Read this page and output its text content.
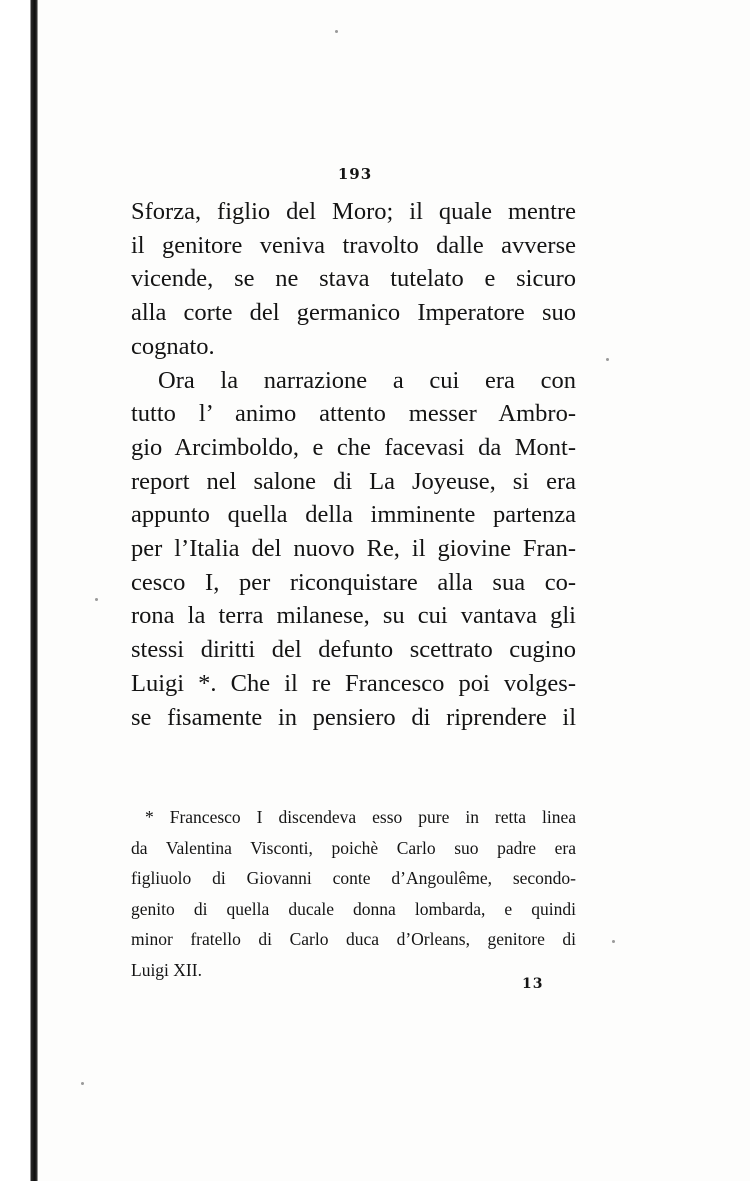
193
Sforza, figlio del Moro; il quale mentre
il genitore veniva travolto dalle avverse
vicende, se ne stava tutelato e sicuro
alla corte del germanico Imperatore suo
cognato.
Ora la narrazione a cui era con
tutto l’ animo attento messer Ambro-
gio Arcimboldo, e che facevasi da Mont-
report nel salone di La Joyeuse, si era
appunto quella della imminente partenza
per l’Italia del nuovo Re, il giovine Fran-
cesco I, per riconquistare alla sua co-
rona la terra milanese, su cui vantava gli
stessi diritti del defunto scettrato cugino
Luigi *. Che il re Francesco poi volges-
se fisamente in pensiero di riprendere il
* Francesco I discendeva esso pure in retta linea
da Valentina Visconti, poichè Carlo suo padre era
figliuolo di Giovanni conte d’Angoulême, secondo-
genito di quella ducale donna lombarda, e quindi
minor fratello di Carlo duca d’Orleans, genitore di
Luigi XII.
13
